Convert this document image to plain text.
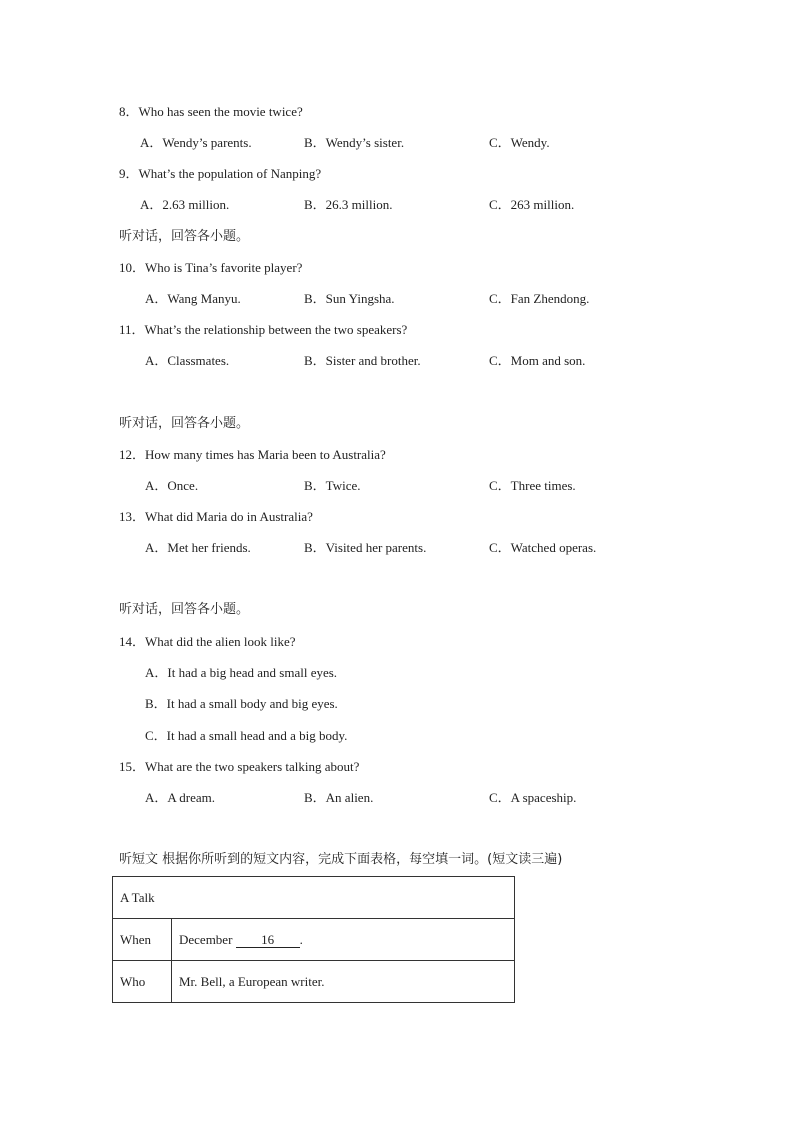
8．Who has seen the movie twice?
A．Wendy’s parents.	B．Wendy’s sister.	C．Wendy.
9．What’s the population of Nanping?
A．2.63 million.	B．26.3 million.	C．263 million.
听对话，回答各小题。
10．Who is Tina’s favorite player?
A．Wang Manyu.	B．Sun Yingsha.	C．Fan Zhendong.
11．What’s the relationship between the two speakers?
A．Classmates.	B．Sister and brother.	C．Mom and son.
听对话，回答各小题。
12．How many times has Maria been to Australia?
A．Once.	B．Twice.	C．Three times.
13．What did Maria do in Australia?
A．Met her friends.	B．Visited her parents.	C．Watched operas.
听对话，回答各小题。
14．What did the alien look like?
A．It had a big head and small eyes.
B．It had a small body and big eyes.
C．It had a small head and a big body.
15．What are the two speakers talking about?
A．A dream.	B．An alien.	C．A spaceship.
听短文 根据你所听到的短文内容，完成下面表格，每空填一词。(短文读三遍)
A Talk	
When	December 16 .
Who	Mr. Bell, a European writer.
